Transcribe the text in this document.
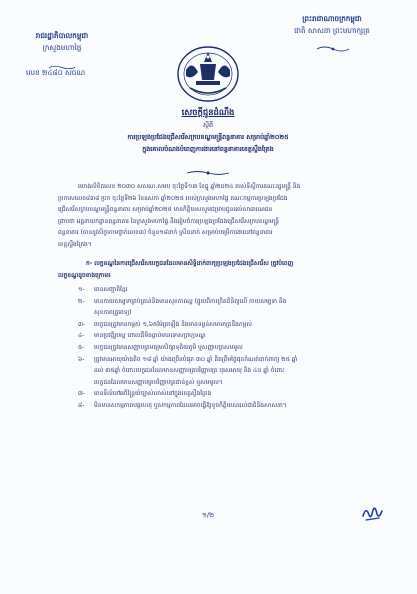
ព្រះរាជាណាចក្រកម្ពុជា
ជាតិ សាសនា ព្រះមហាក្សត្រ
រាជរដ្ឋាភិបាលកម្ពុជា
ក្រសួងមហាផ្ទៃ
លេខ ២៤៨០ សជណ
សេចក្តីជូនដំណឹង
ស្តីពី
ការប្រឡងប្រជែងជ្រើសរើសក្របខណ្ឌមន្ត្រីពន្ធនាគារ សម្រាប់ឆ្នាំ២០២៥
ក្នុងគោលបំណងបំពេញការងារនៅពន្ធនាគារខេត្តស្ទឹងត្រែង
យោងលិខិតលេខ ២០៣០ សសណ.សមប ចុះថ្ងៃទី១៣ ខែធ្នូ ឆ្នាំ២០២៤ របស់ទីស្តីការគណៈរដ្ឋមន្ត្រី និង
ប្រកាសលេខ៨៣៨ ប្រក ចុះថ្ងៃទី២៦ ខែឧសភា ឆ្នាំ២០២៥ របស់ក្រសួងមហាផ្ទៃ គណៈកម្មការប្រឡងប្រជែង
ជ្រើសរើសក្របខណ្ឌមន្ត្រីពន្ធនាគារ សម្រាប់ឆ្នាំ២០២៥ មានកិត្តិយសសូមជម្រាបជូនដល់សាធារណជន
ជ្រាបថា អគ្គនាយកដ្ឋានពន្ធនាគារ នៃក្រសួងមហាផ្ទៃ នឹងរៀបចំការប្រឡងប្រជែងជ្រើសរើសក្របខណ្ឌមន្ត្រី
ពន្ធនាគារ (បាននូវសិក្ខាកាមថ្នាក់លេខ៣) ចំនួន១៨នាក់ ស្រី០នាក់ សម្រាប់បម្រើការងារនៅពន្ធនាគារ
ខេត្តស្ទឹងត្រែង។
ក- លក្ខខណ្ឌនៃការជ្រើសរើសបេក្ខជនដែលមានសិទ្ធិដាក់ពាក្យប្រឡងប្រជែងជ្រើសរើស ត្រូវបំពេញ
លក្ខខណ្ឌដូចខាងក្រោម៖
១-	មានសញ្ជាតិខ្មែរ
២-	មានកាយសម្បទាគ្រប់គ្រាន់និងមានសុខភាពល្អ (ផ្ទុយពីការក្រិតពិនិត្យលើ កាយសម្បទា និង
សុខភាពគ្រូពេទ្យ)
៣-	បេក្ខជនត្រូវមានកម្ពស់ ១,៦៥ម៉ែត្រឡើង និងមានទម្ងន់សមាមាត្រនឹងកម្ពស់
៤-	មានប្រវត្តិរូបល្អ ពោលគឺមិនធ្លាប់មានទោសព្រហ្មទណ្ឌ
៥-	បេក្ខជនត្រូវមានសញ្ញាបត្រមធ្យមសិក្សាទុតិយភូមិ ឬសញ្ញាបត្រសមមូល
៦-	ត្រូវមានអាយុយ៉ាងតិច ១៨ ឆ្នាំ យ៉ាងច្រើនបំផុត ៣០ ឆ្នាំ គិតត្រឹមថ្ងៃផុតកំណត់ដាក់ពាក្យ ២៥ ឆ្នាំ
ដល់ ៣៥ឆ្នាំ ចំពោះបេក្ខជនដែលមានសញ្ញាបត្របរិញ្ញាបត្រ បុរសអាយុ និង ៤០ ឆ្នាំ ចំពោះ
បេក្ខជនដែលមានសញ្ញាបត្របរិញ្ញាបត្រជាន់ខ្ពស់ ឬសមមូល។
៧-	មានទីលំនៅអចិន្ត្រៃយ៍ច្បាស់លាស់នៅក្នុងខេត្តស្ទឹងត្រែង
៨-	មិនមានសកម្មភាពបង្កហេតុ ឬសកម្មភាពដែលអាចធ្វើឱ្យខូចកិត្តិយសដល់ជាតិនិងសាសនា។
១/២
